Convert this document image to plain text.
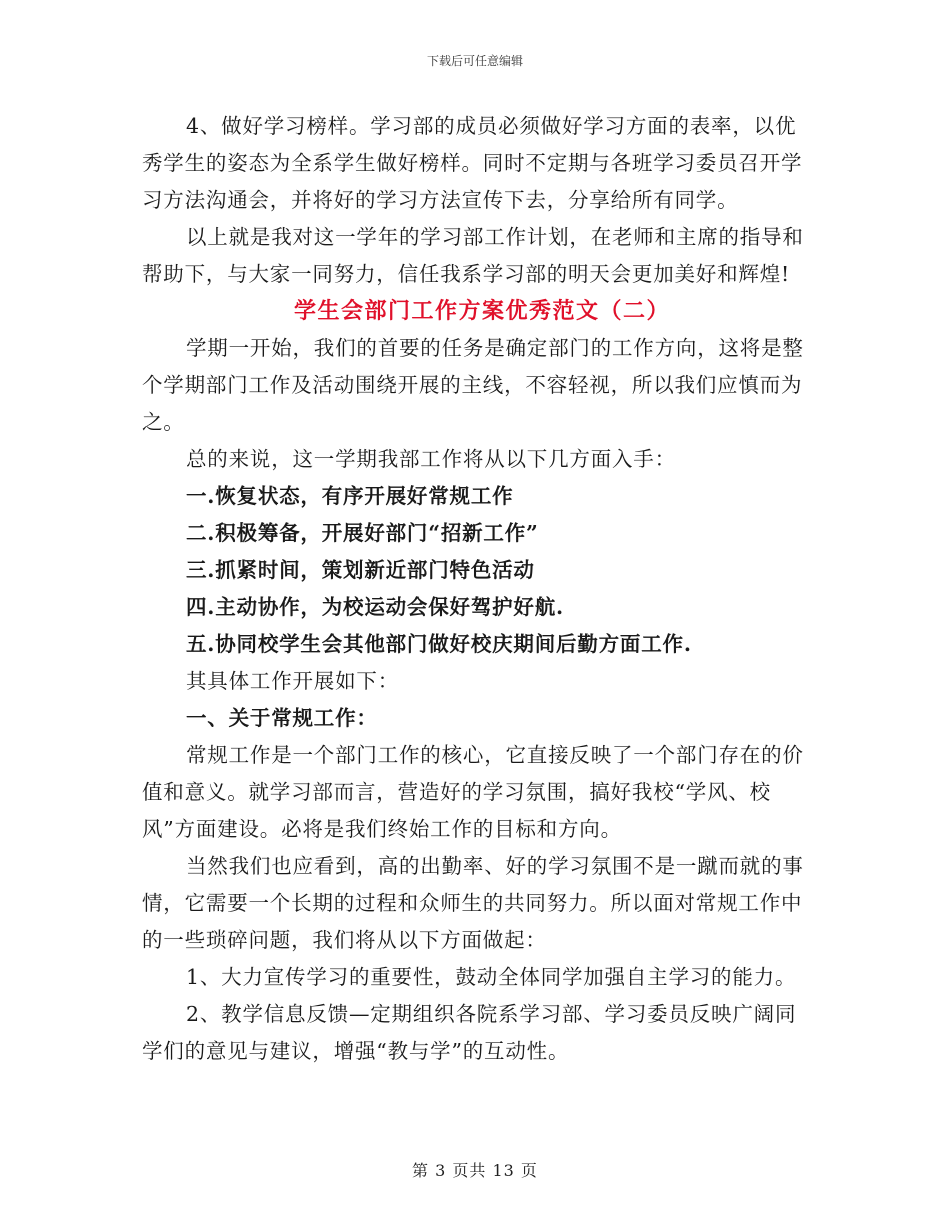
下载后可任意编辑

4、做好学习榜样。学习部的成员必须做好学习方面的表率，以优秀学生的姿态为全系学生做好榜样。同时不定期与各班学习委员召开学习方法沟通会，并将好的学习方法宣传下去，分享给所有同学。

以上就是我对这一学年的学习部工作计划，在老师和主席的指导和帮助下，与大家一同努力，信任我系学习部的明天会更加美好和辉煌!

学生会部门工作方案优秀范文（二）

学期一开始，我们的首要的任务是确定部门的工作方向，这将是整个学期部门工作及活动围绕开展的主线，不容轻视，所以我们应慎而为之。

总的来说，这一学期我部工作将从以下几方面入手：

一.恢复状态，有序开展好常规工作

二.积极筹备，开展好部门“招新工作”

三.抓紧时间，策划新近部门特色活动

四.主动协作，为校运动会保好驾护好航.

五.协同校学生会其他部门做好校庆期间后勤方面工作.

其具体工作开展如下：

一、关于常规工作：

常规工作是一个部门工作的核心，它直接反映了一个部门存在的价值和意义。就学习部而言，营造好的学习氛围，搞好我校“学风、校风”方面建设。必将是我们终始工作的目标和方向。

当然我们也应看到，高的出勤率、好的学习氛围不是一蹴而就的事情，它需要一个长期的过程和众师生的共同努力。所以面对常规工作中的一些琐碎问题，我们将从以下方面做起：

1、大力宣传学习的重要性，鼓动全体同学加强自主学习的能力。

2、教学信息反馈—定期组织各院系学习部、学习委员反映广阔同学们的意见与建议，增强“教与学”的互动性。

第 3 页共 13 页
